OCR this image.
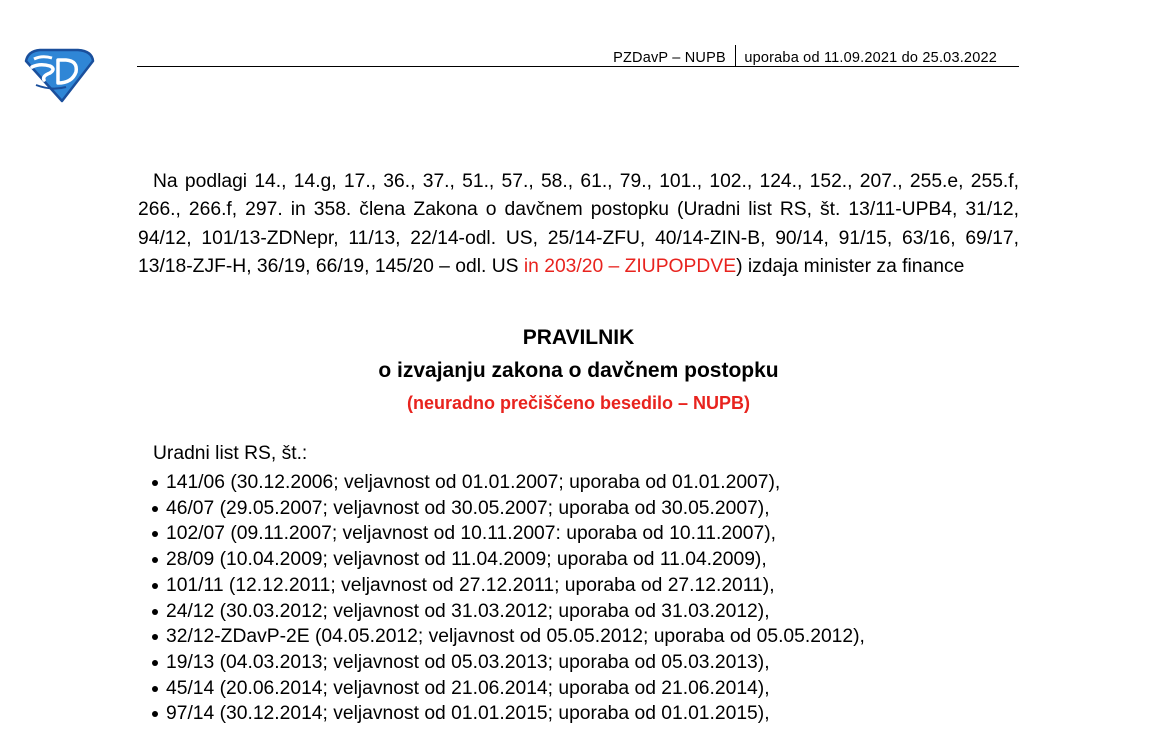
PZDavP – NUPB uporaba od 11.09.2021 do 25.03.2022
Na podlagi 14., 14.g, 17., 36., 37., 51., 57., 58., 61., 79., 101., 102., 124., 152., 207., 255.e, 255.f, 266., 266.f, 297. in 358. člena Zakona o davčnem postopku (Uradni list RS, št. 13/11-UPB4, 31/12, 94/12, 101/13-ZDNepr, 11/13, 22/14-odl. US, 25/14-ZFU, 40/14-ZIN-B, 90/14, 91/15, 63/16, 69/17, 13/18-ZJF-H, 36/19, 66/19, 145/20 – odl. US in 203/20 – ZIUPOPDVE) izdaja minister za finance
PRAVILNIK
o izvajanju zakona o davčnem postopku
(neuradno prečiščeno besedilo – NUPB)
Uradni list RS, št.:
141/06 (30.12.2006; veljavnost od 01.01.2007; uporaba od 01.01.2007),
46/07 (29.05.2007; veljavnost od 30.05.2007; uporaba od 30.05.2007),
102/07 (09.11.2007; veljavnost od 10.11.2007: uporaba od 10.11.2007),
28/09 (10.04.2009; veljavnost od 11.04.2009; uporaba od 11.04.2009),
101/11 (12.12.2011; veljavnost od 27.12.2011; uporaba od 27.12.2011),
24/12 (30.03.2012; veljavnost od 31.03.2012; uporaba od 31.03.2012),
32/12-ZDavP-2E (04.05.2012; veljavnost od 05.05.2012; uporaba od 05.05.2012),
19/13 (04.03.2013; veljavnost od 05.03.2013; uporaba od 05.03.2013),
45/14 (20.06.2014; veljavnost od 21.06.2014; uporaba od 21.06.2014),
97/14 (30.12.2014; veljavnost od 01.01.2015; uporaba od 01.01.2015),
